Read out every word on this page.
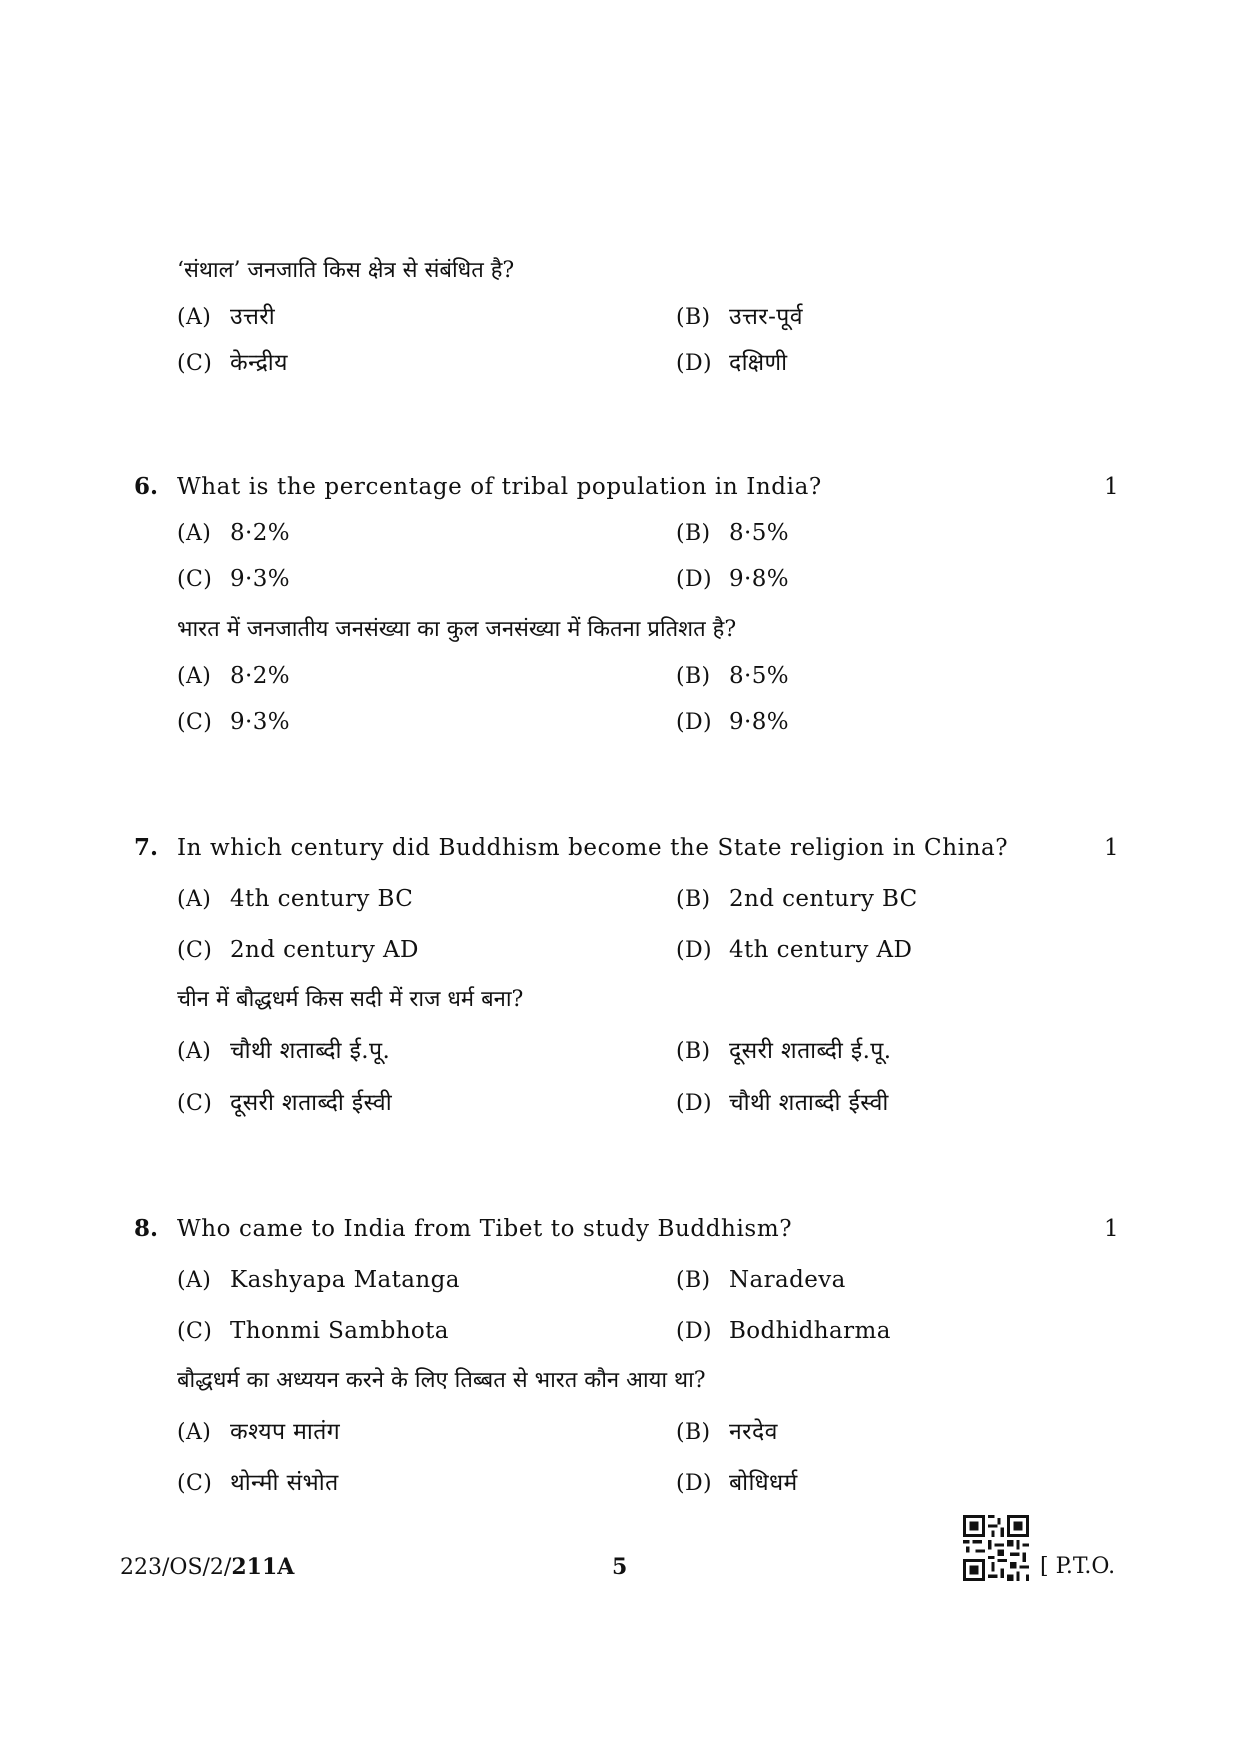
‘संथाल’ जनजाति किस क्षेत्र से संबंधित है?
(A) उत्तरी	(B) उत्तर-पूर्व
(C) केन्द्रीय	(D) दक्षिणी
6. What is the percentage of tribal population in India?	1
(A) 8·2%	(B) 8·5%
(C) 9·3%	(D) 9·8%
भारत में जनजातीय जनसंख्या का कुल जनसंख्या में कितना प्रतिशत है?
(A) 8·2%	(B) 8·5%
(C) 9·3%	(D) 9·8%
7. In which century did Buddhism become the State religion in China?	1
(A) 4th century BC	(B) 2nd century BC
(C) 2nd century AD	(D) 4th century AD
चीन में बौद्धधर्म किस सदी में राज धर्म बना?
(A) चौथी शताब्दी ई.पू.	(B) दूसरी शताब्दी ई.पू.
(C) दूसरी शताब्दी ईस्वी	(D) चौथी शताब्दी ईस्वी
8. Who came to India from Tibet to study Buddhism?	1
(A) Kashyapa Matanga	(B) Naradeva
(C) Thonmi Sambhota	(D) Bodhidharma
बौद्धधर्म का अध्ययन करने के लिए तिब्बत से भारत कौन आया था?
(A) कश्यप मातंग	(B) नरदेव
(C) थोन्मी संभोत	(D) बोधिधर्म
223/OS/2/211A	5	[ P.T.O.
